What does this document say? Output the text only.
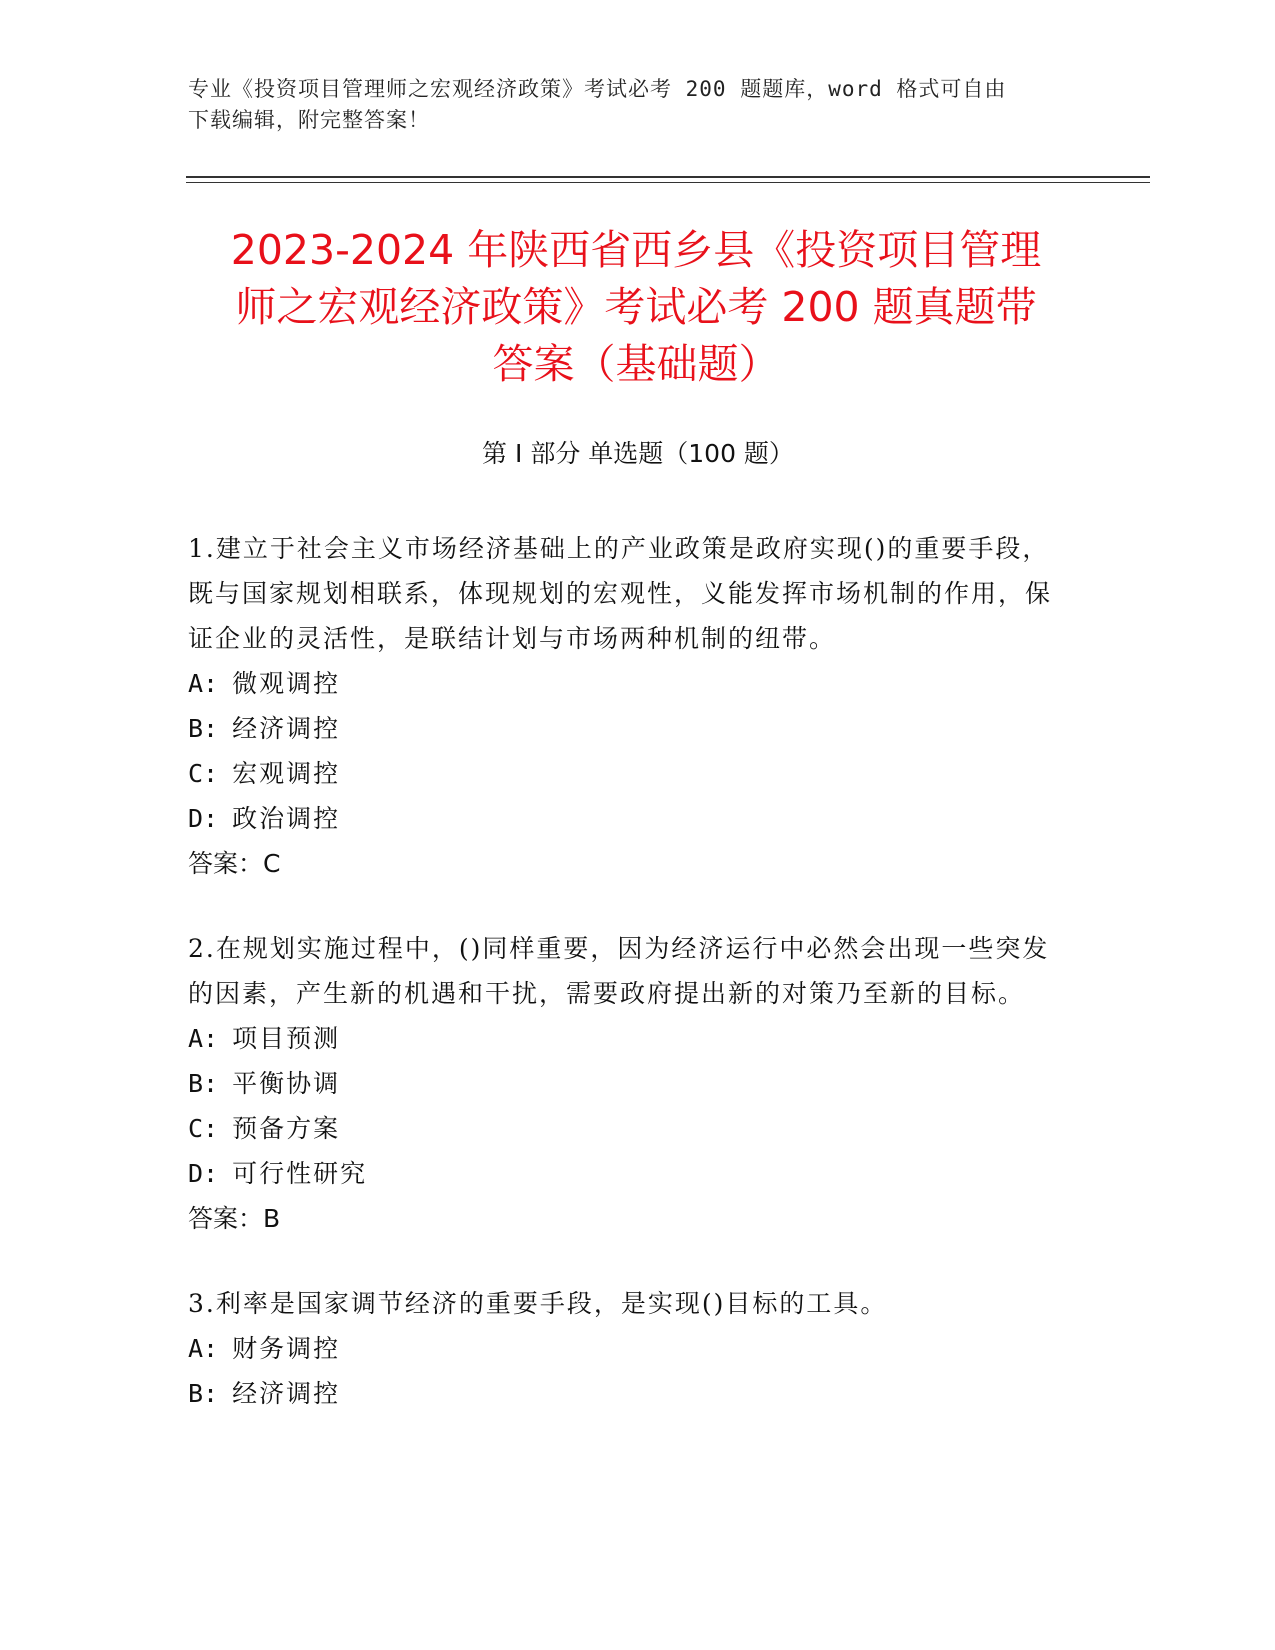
专业《投资项目管理师之宏观经济政策》考试必考 200 题题库，word 格式可自由
下载编辑，附完整答案！
2023-2024 年陕西省西乡县《投资项目管理
师之宏观经济政策》考试必考 200 题真题带
答案（基础题）
第 I 部分 单选题（100 题）
1.建立于社会主义市场经济基础上的产业政策是政府实现()的重要手段，既与国家规划相联系，体现规划的宏观性，义能发挥市场机制的作用，保证企业的灵活性，是联结计划与市场两种机制的纽带。
A: 微观调控
B: 经济调控
C: 宏观调控
D: 政治调控
答案：C
2.在规划实施过程中，()同样重要，因为经济运行中必然会出现一些突发的因素，产生新的机遇和干扰，需要政府提出新的对策乃至新的目标。
A: 项目预测
B: 平衡协调
C: 预备方案
D: 可行性研究
答案：B
3.利率是国家调节经济的重要手段，是实现()目标的工具。
A: 财务调控
B: 经济调控
